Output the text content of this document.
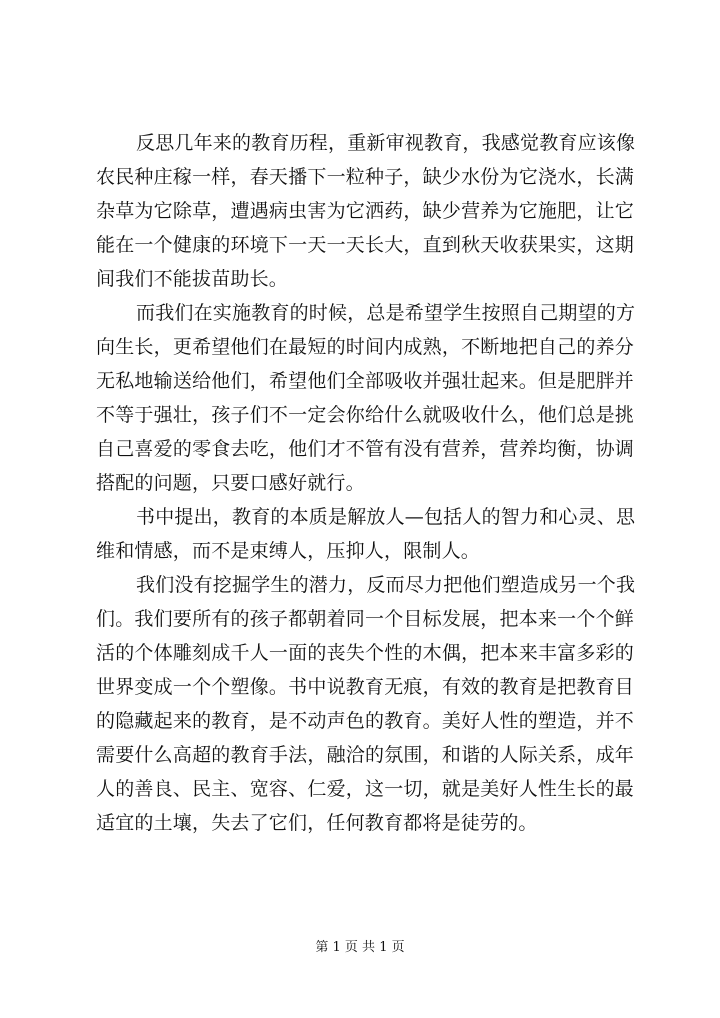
反思几年来的教育历程，重新审视教育，我感觉教育应该像
农民种庄稼一样，春天播下一粒种子，缺少水份为它浇水，长满
杂草为它除草，遭遇病虫害为它洒药，缺少营养为它施肥，让它
能在一个健康的环境下一天一天长大，直到秋天收获果实，这期
间我们不能拔苗助长。
而我们在实施教育的时候，总是希望学生按照自己期望的方
向生长，更希望他们在最短的时间内成熟，不断地把自己的养分
无私地输送给他们，希望他们全部吸收并强壮起来。但是肥胖并
不等于强壮，孩子们不一定会你给什么就吸收什么，他们总是挑
自己喜爱的零食去吃，他们才不管有没有营养，营养均衡，协调
搭配的问题，只要口感好就行。
书中提出，教育的本质是解放人—包括人的智力和心灵、思
维和情感，而不是束缚人，压抑人，限制人。
我们没有挖掘学生的潜力，反而尽力把他们塑造成另一个我
们。我们要所有的孩子都朝着同一个目标发展，把本来一个个鲜
活的个体雕刻成千人一面的丧失个性的木偶，把本来丰富多彩的
世界变成一个个塑像。书中说教育无痕，有效的教育是把教育目
的隐藏起来的教育，是不动声色的教育。美好人性的塑造，并不
需要什么高超的教育手法，融洽的氛围，和谐的人际关系，成年
人的善良、民主、宽容、仁爱，这一切，就是美好人性生长的最
适宜的土壤，失去了它们，任何教育都将是徒劳的。
第 1 页 共 1 页
